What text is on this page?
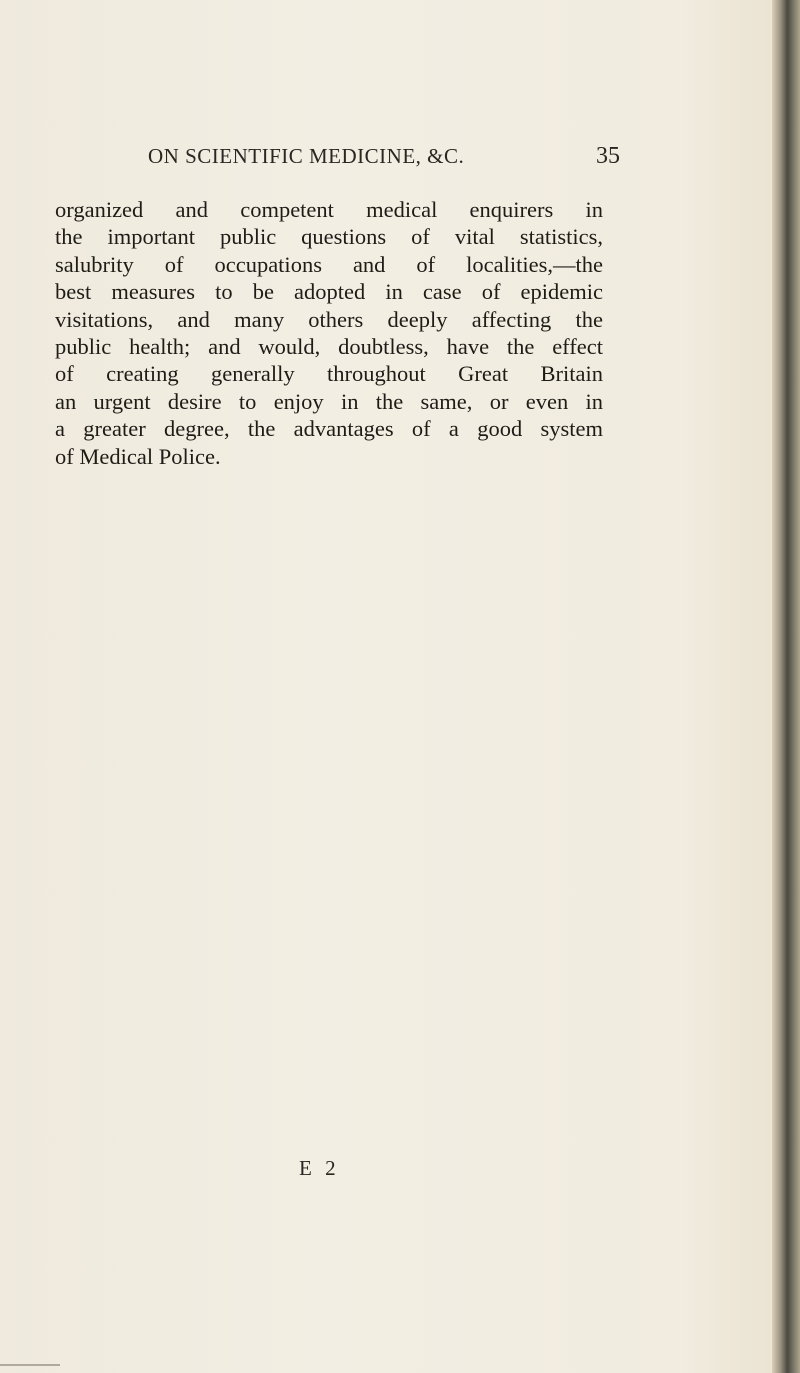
ON SCIENTIFIC MEDICINE, &C.	35
organized and competent medical enquirers in
the important public questions of vital statistics,
salubrity of occupations and of localities,—the
best measures to be adopted in case of epidemic
visitations, and many others deeply affecting the
public health; and would, doubtless, have the effect
of creating generally throughout Great Britain
an urgent desire to enjoy in the same, or even in
a greater degree, the advantages of a good system
of Medical Police.
E 2
